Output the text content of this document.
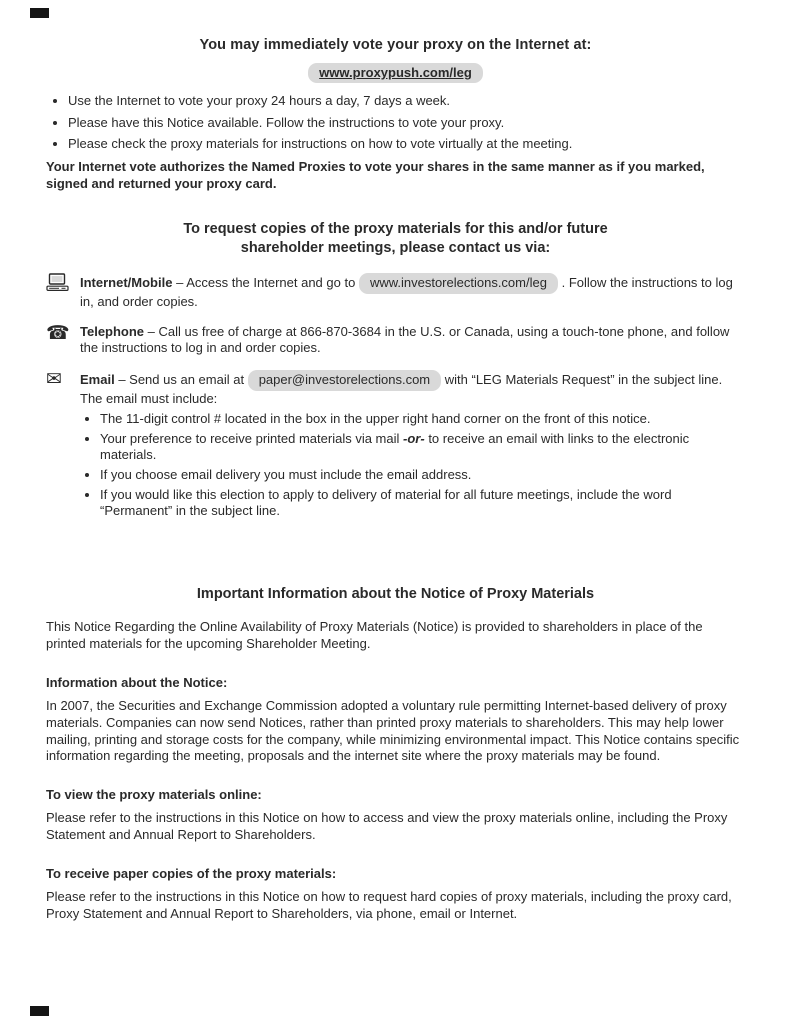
You may immediately vote your proxy on the Internet at:
www.proxypush.com/leg
• Use the Internet to vote your proxy 24 hours a day, 7 days a week.
• Please have this Notice available. Follow the instructions to vote your proxy.
• Please check the proxy materials for instructions on how to vote virtually at the meeting.

Your Internet vote authorizes the Named Proxies to vote your shares in the same manner as if you marked, signed and returned your proxy card.

To request copies of the proxy materials for this and/or future shareholder meetings, please contact us via:
Internet/Mobile – Access the Internet and go to www.investorelections.com/leg . Follow the instructions to log in, and order copies.
☎ Telephone – Call us free of charge at 866-870-3684 in the U.S. or Canada, using a touch-tone phone, and follow the instructions to log in and order copies.
✉	Email – Send us an email at paper@investorelections.com with “LEG Materials Request” in the subject line.
The email must include:
• The 11-digit control # located in the box in the upper right hand corner on the front of this notice.
• Your preference to receive printed materials via mail -or- to receive an email with links to the electronic materials.
• If you choose email delivery you must include the email address.
• If you would like this election to apply to delivery of material for all future meetings, include the word “Permanent” in the subject line.
Important Information about the Notice of Proxy Materials

This Notice Regarding the Online Availability of Proxy Materials (Notice) is provided to shareholders in place of the printed materials for the upcoming Shareholder Meeting.

Information about the Notice:

In 2007, the Securities and Exchange Commission adopted a voluntary rule permitting Internet-based delivery of proxy materials. Companies can now send Notices, rather than printed proxy materials to shareholders. This may help lower mailing, printing and storage costs for the company, while minimizing environmental impact. This Notice contains specific information regarding the meeting, proposals and the internet site where the proxy materials may be found.

To view the proxy materials online:

Please refer to the instructions in this Notice on how to access and view the proxy materials online, including the Proxy Statement and Annual Report to Shareholders.

To receive paper copies of the proxy materials:

Please refer to the instructions in this Notice on how to request hard copies of proxy materials, including the proxy card, Proxy Statement and Annual Report to Shareholders, via phone, email or Internet.
